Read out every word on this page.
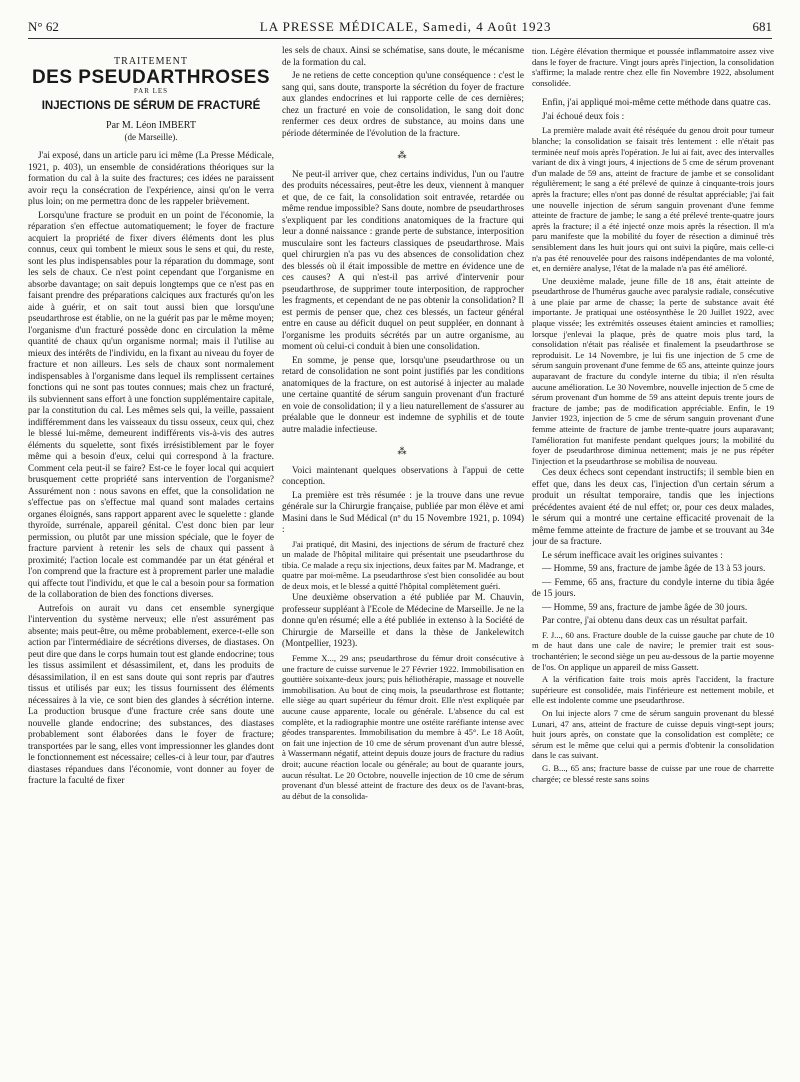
N° 62	LA PRESSE MÉDICALE, Samedi, 4 Août 1923	681
TRAITEMENT
DES PSEUDARTHROSES
PAR LES
INJECTIONS DE SÉRUM DE FRACTURÉ
Par M. Léon IMBERT
(de Marseille).

J'ai exposé, dans un article paru ici même (La Presse Médicale, 1921, p. 403), un ensemble de considérations théoriques sur la formation du cal à la suite des fractures; ces idées ne paraissent avoir reçu la consécration de l'expérience, ainsi qu'on le verra plus loin; on me permettra donc de les rappeler brièvement.

Lorsqu'une fracture se produit en un point de l'économie, la réparation s'en effectue automatiquement; le foyer de fracture acquiert la propriété de fixer divers éléments dont les plus connus, ceux qui tombent le mieux sous le sens et qui, du reste, sont les plus indispensables pour la réparation du dommage, sont les sels de chaux. Ce n'est point cependant que l'organisme en absorbe davantage; on sait depuis longtemps que ce n'est pas en faisant prendre des préparations calciques aux fracturés qu'on les aide à guérir, et on sait tout aussi bien que lorsqu'une pseudarthrose est établie, on ne la guérit pas par le même moyen; l'organisme d'un fracturé possède donc en circulation la même quantité de chaux qu'un organisme normal; mais il l'utilise au mieux des intérêts de l'individu, en la fixant au niveau du foyer de fracture et non ailleurs. Les sels de chaux sont normalement indispensables à l'organisme dans lequel ils remplissent certaines fonctions qui ne sont pas toutes connues; mais chez un fracturé, ils subviennent sans effort à une fonction supplémentaire capitale, par la constitution du cal. Les mêmes sels qui, la veille, passaient indifféremment dans les vaisseaux du tissu osseux, ceux qui, chez le blessé lui-même, demeurent indifférents vis-à-vis des autres éléments du squelette, sont fixés irrésistiblement par le foyer même qui a besoin d'eux, celui qui correspond à la fracture. Comment cela peut-il se faire? Est-ce le foyer local qui acquiert brusquement cette propriété sans intervention de l'organisme? Assurément non : nous savons en effet, que la consolidation ne s'effectue pas on s'effectue mal quand sont malades certains organes éloignés, sans rapport apparent avec le squelette : glande thyroïde, surrénale, appareil génital. C'est donc bien par leur permission, ou plutôt par une mission spéciale, que le foyer de fracture parvient à retenir les sels de chaux qui passent à proximité; l'action locale est commandée par un état général et l'on comprend que la fracture est à proprement parler une maladie qui affecte tout l'individu, et que le cal a besoin pour sa formation de la collaboration de bien des fonctions diverses.

Autrefois on aurait vu dans cet ensemble synergique l'intervention du système nerveux; elle n'est assurément pas absente; mais peut-être, ou même probablement, exerce-t-elle son action par l'intermédiaire de sécrétions diverses, de diastases. On peut dire que dans le corps humain tout est glande endocrine; tous les tissus assimilent et désassimilent, et, dans les produits de désassimilation, il en est sans doute qui sont repris par d'autres tissus et utilisés par eux; les tissus fournissent des éléments nécessaires à la vie, ce sont bien des glandes à sécrétion interne. La production brusque d'une fracture crée sans doute une nouvelle glande endocrine; des substances, des diastases probablement sont élaborées dans le foyer de fracture; transportées par le sang, elles vont impressionner les glandes dont le fonctionnement est nécessaire; celles-ci à leur tour, par d'autres diastases répandues dans l'économie, vont donner au foyer de fracture la faculté de fixer

les sels de chaux. Ainsi se schématise, sans doute, le mécanisme de la formation du cal.

Je ne retiens de cette conception qu'une conséquence : c'est le sang qui, sans doute, transporte la sécrétion du foyer de fracture aux glandes endocrines et lui rapporte celle de ces dernières; chez un fracturé en voie de consolidation, le sang doit donc renfermer ces deux ordres de substance, au moins dans une période déterminée de l'évolution de la fracture.

⁂

Ne peut-il arriver que, chez certains individus, l'un ou l'autre des produits nécessaires, peut-être les deux, viennent à manquer et que, de ce fait, la consolidation soit entravée, retardée ou même rendue impossible? Sans doute, nombre de pseudarthroses s'expliquent par les conditions anatomiques de la fracture qui leur a donné naissance : grande perte de substance, interposition musculaire sont les facteurs classiques de pseudarthrose. Mais quel chirurgien n'a pas vu des absences de consolidation chez des blessés où il était impossible de mettre en évidence une de ces causes? A qui n'est-il pas arrivé d'intervenir pour pseudarthrose, de supprimer toute interposition, de rapprocher les fragments, et cependant de ne pas obtenir la consolidation? Il est permis de penser que, chez ces blessés, un facteur général entre en cause au déficit duquel on peut suppléer, en donnant à l'organisme les produits sécrétés par un autre organisme, au moment où celui-ci conduit à bien une consolidation.

En somme, je pense que, lorsqu'une pseudarthrose ou un retard de consolidation ne sont point justifiés par les conditions anatomiques de la fracture, on est autorisé à injecter au malade une certaine quantité de sérum sanguin provenant d'un fracturé en voie de consolidation; il y a lieu naturellement de s'assurer au préalable que le donneur est indemne de syphilis et de toute autre maladie infectieuse.

⁂

Voici maintenant quelques observations à l'appui de cette conception.

La première est très résumée : je la trouve dans une revue générale sur la Chirurgie française, publiée par mon élève et ami Masini dans le Sud Médical (nº du 15 Novembre 1921, p. 1094) :

J'ai pratiqué, dit Masini, des injections de sérum de fracturé chez un malade de l'hôpital militaire qui présentait une pseudarthrose du tibia. Ce malade a reçu six injections, deux faites par M. Madrange, et quatre par moi-même. La pseudarthrose s'est bien consolidée au bout de deux mois, et le blessé a quitté l'hôpital complètement guéri.

Une deuxième observation a été publiée par M. Chauvin, professeur suppléant à l'Ecole de Médecine de Marseille. Je ne la donne qu'en résumé; elle a été publiée in extenso à la Société de Chirurgie de Marseille et dans la thèse de Jankelewitch (Montpellier, 1923).

Femme X..., 29 ans; pseudarthrose du fémur droit consécutive à une fracture de cuisse survenue le 27 Février 1922. Immobilisation en gouttière soixante-deux jours; puis héliothérapie, massage et nouvelle immobilisation. Au bout de cinq mois, la pseudarthrose est flottante; elle siège au quart supérieur du fémur droit. Elle n'est expliquée par aucune cause apparente, locale ou générale. L'absence du cal est complète, et la radiographie montre une ostéite raréfiante intense avec géodes transparentes. Immobilisation du membre à 45°. Le 18 Août, on fait une injection de 10 cme de sérum provenant d'un autre blessé, à Wassermann négatif, atteint depuis douze jours de fracture du radius droit; aucune réaction locale ou générale; au bout de quarante jours, aucun résultat. Le 20 Octobre, nouvelle injection de 10 cme de sérum provenant d'un blessé atteint de fracture des deux os de l'avant-bras, au début de la consolida-

tion. Légère élévation thermique et poussée inflammatoire assez vive dans le foyer de fracture. Vingt jours après l'injection, la consolidation s'affirme; la malade rentre chez elle fin Novembre 1922, absolument consolidée.

Enfin, j'ai appliqué moi-même cette méthode dans quatre cas.

J'ai échoué deux fois :

La première malade avait été réséquée du genou droit pour tumeur blanche; la consolidation se faisait très lentement : elle n'était pas terminée neuf mois après l'opération. Je lui ai fait, avec des intervalles variant de dix à vingt jours, 4 injections de 5 cme de sérum provenant d'un malade de 59 ans, atteint de fracture de jambe et se consolidant régulièrement; le sang a été prélevé de quinze à cinquante-trois jours après la fracture; elles n'ont pas donné de résultat appréciable; j'ai fait une nouvelle injection de sérum sanguin provenant d'une femme atteinte de fracture de jambe; le sang a été prélevé trente-quatre jours après la fracture; il a été injecté onze mois après la résection. Il m'a paru manifeste que la mobilité du foyer de résection a diminué très sensiblement dans les huit jours qui ont suivi la piqûre, mais celle-ci n'a pas été renouvelée pour des raisons indépendantes de ma volonté, et, en dernière analyse, l'état de la malade n'a pas été amélioré.

Une deuxième malade, jeune fille de 18 ans, était atteinte de pseudarthrose de l'humérus gauche avec paralysie radiale, consécutive à une plaie par arme de chasse; la perte de substance avait été importante. Je pratiquai une ostéosynthèse le 20 Juillet 1922, avec plaque vissée; les extrémités osseuses étaient amincies et ramollies; lorsque j'enlevai la plaque, près de quatre mois plus tard, la consolidation n'était pas réalisée et finalement la pseudarthrose se reproduisit. Le 14 Novembre, je lui fis une injection de 5 cme de sérum sanguin provenant d'une femme de 65 ans, atteinte quinze jours auparavant de fracture du condyle interne du tibia; il n'en résulta aucune amélioration. Le 30 Novembre, nouvelle injection de 5 cme de sérum provenant d'un homme de 59 ans atteint depuis trente jours de fracture de jambe; pas de modification appréciable. Enfin, le 19 Janvier 1923, injection de 5 cme de sérum sanguin provenant d'une femme atteinte de fracture de jambe trente-quatre jours auparavant; l'amélioration fut manifeste pendant quelques jours; la mobilité du foyer de pseudarthrose diminua nettement; mais je ne pus répéter l'injection et la pseudarthrose se mobilisa de nouveau.

Ces deux échecs sont cependant instructifs; il semble bien en effet que, dans les deux cas, l'injection d'un certain sérum a produit un résultat temporaire, tandis que les injections précédentes avaient été de nul effet; or, pour ces deux malades, le sérum qui a montré une certaine efficacité provenait de la même femme atteinte de fracture de jambe et se trouvant au 34e jour de sa fracture.

Le sérum inefficace avait les origines suivantes :

— Homme, 59 ans, fracture de jambe âgée de 13 à 53 jours.

— Femme, 65 ans, fracture du condyle interne du tibia âgée de 15 jours.

— Homme, 59 ans, fracture de jambe âgée de 30 jours.

Par contre, j'ai obtenu dans deux cas un résultat parfait.

F. J..., 60 ans. Fracture double de la cuisse gauche par chute de 10 m de haut dans une cale de navire; le premier trait est sous-trochantérien; le second siège un peu au-dessous de la partie moyenne de l'os. On applique un appareil de miss Gassett.

A la vérification faite trois mois après l'accident, la fracture supérieure est consolidée, mais l'inférieure est nettement mobile, et elle est indolente comme une pseudarthrose.

On lui injecte alors 7 cme de sérum sanguin provenant du blessé Lunari, 47 ans, atteint de fracture de cuisse depuis vingt-sept jours; huit jours après, on constate que la consolidation est complète; ce sérum est le même que celui qui a permis d'obtenir la consolidation dans le cas suivant.

G. B..., 65 ans; fracture basse de cuisse par une roue de charrette chargée; ce blessé reste sans soins
